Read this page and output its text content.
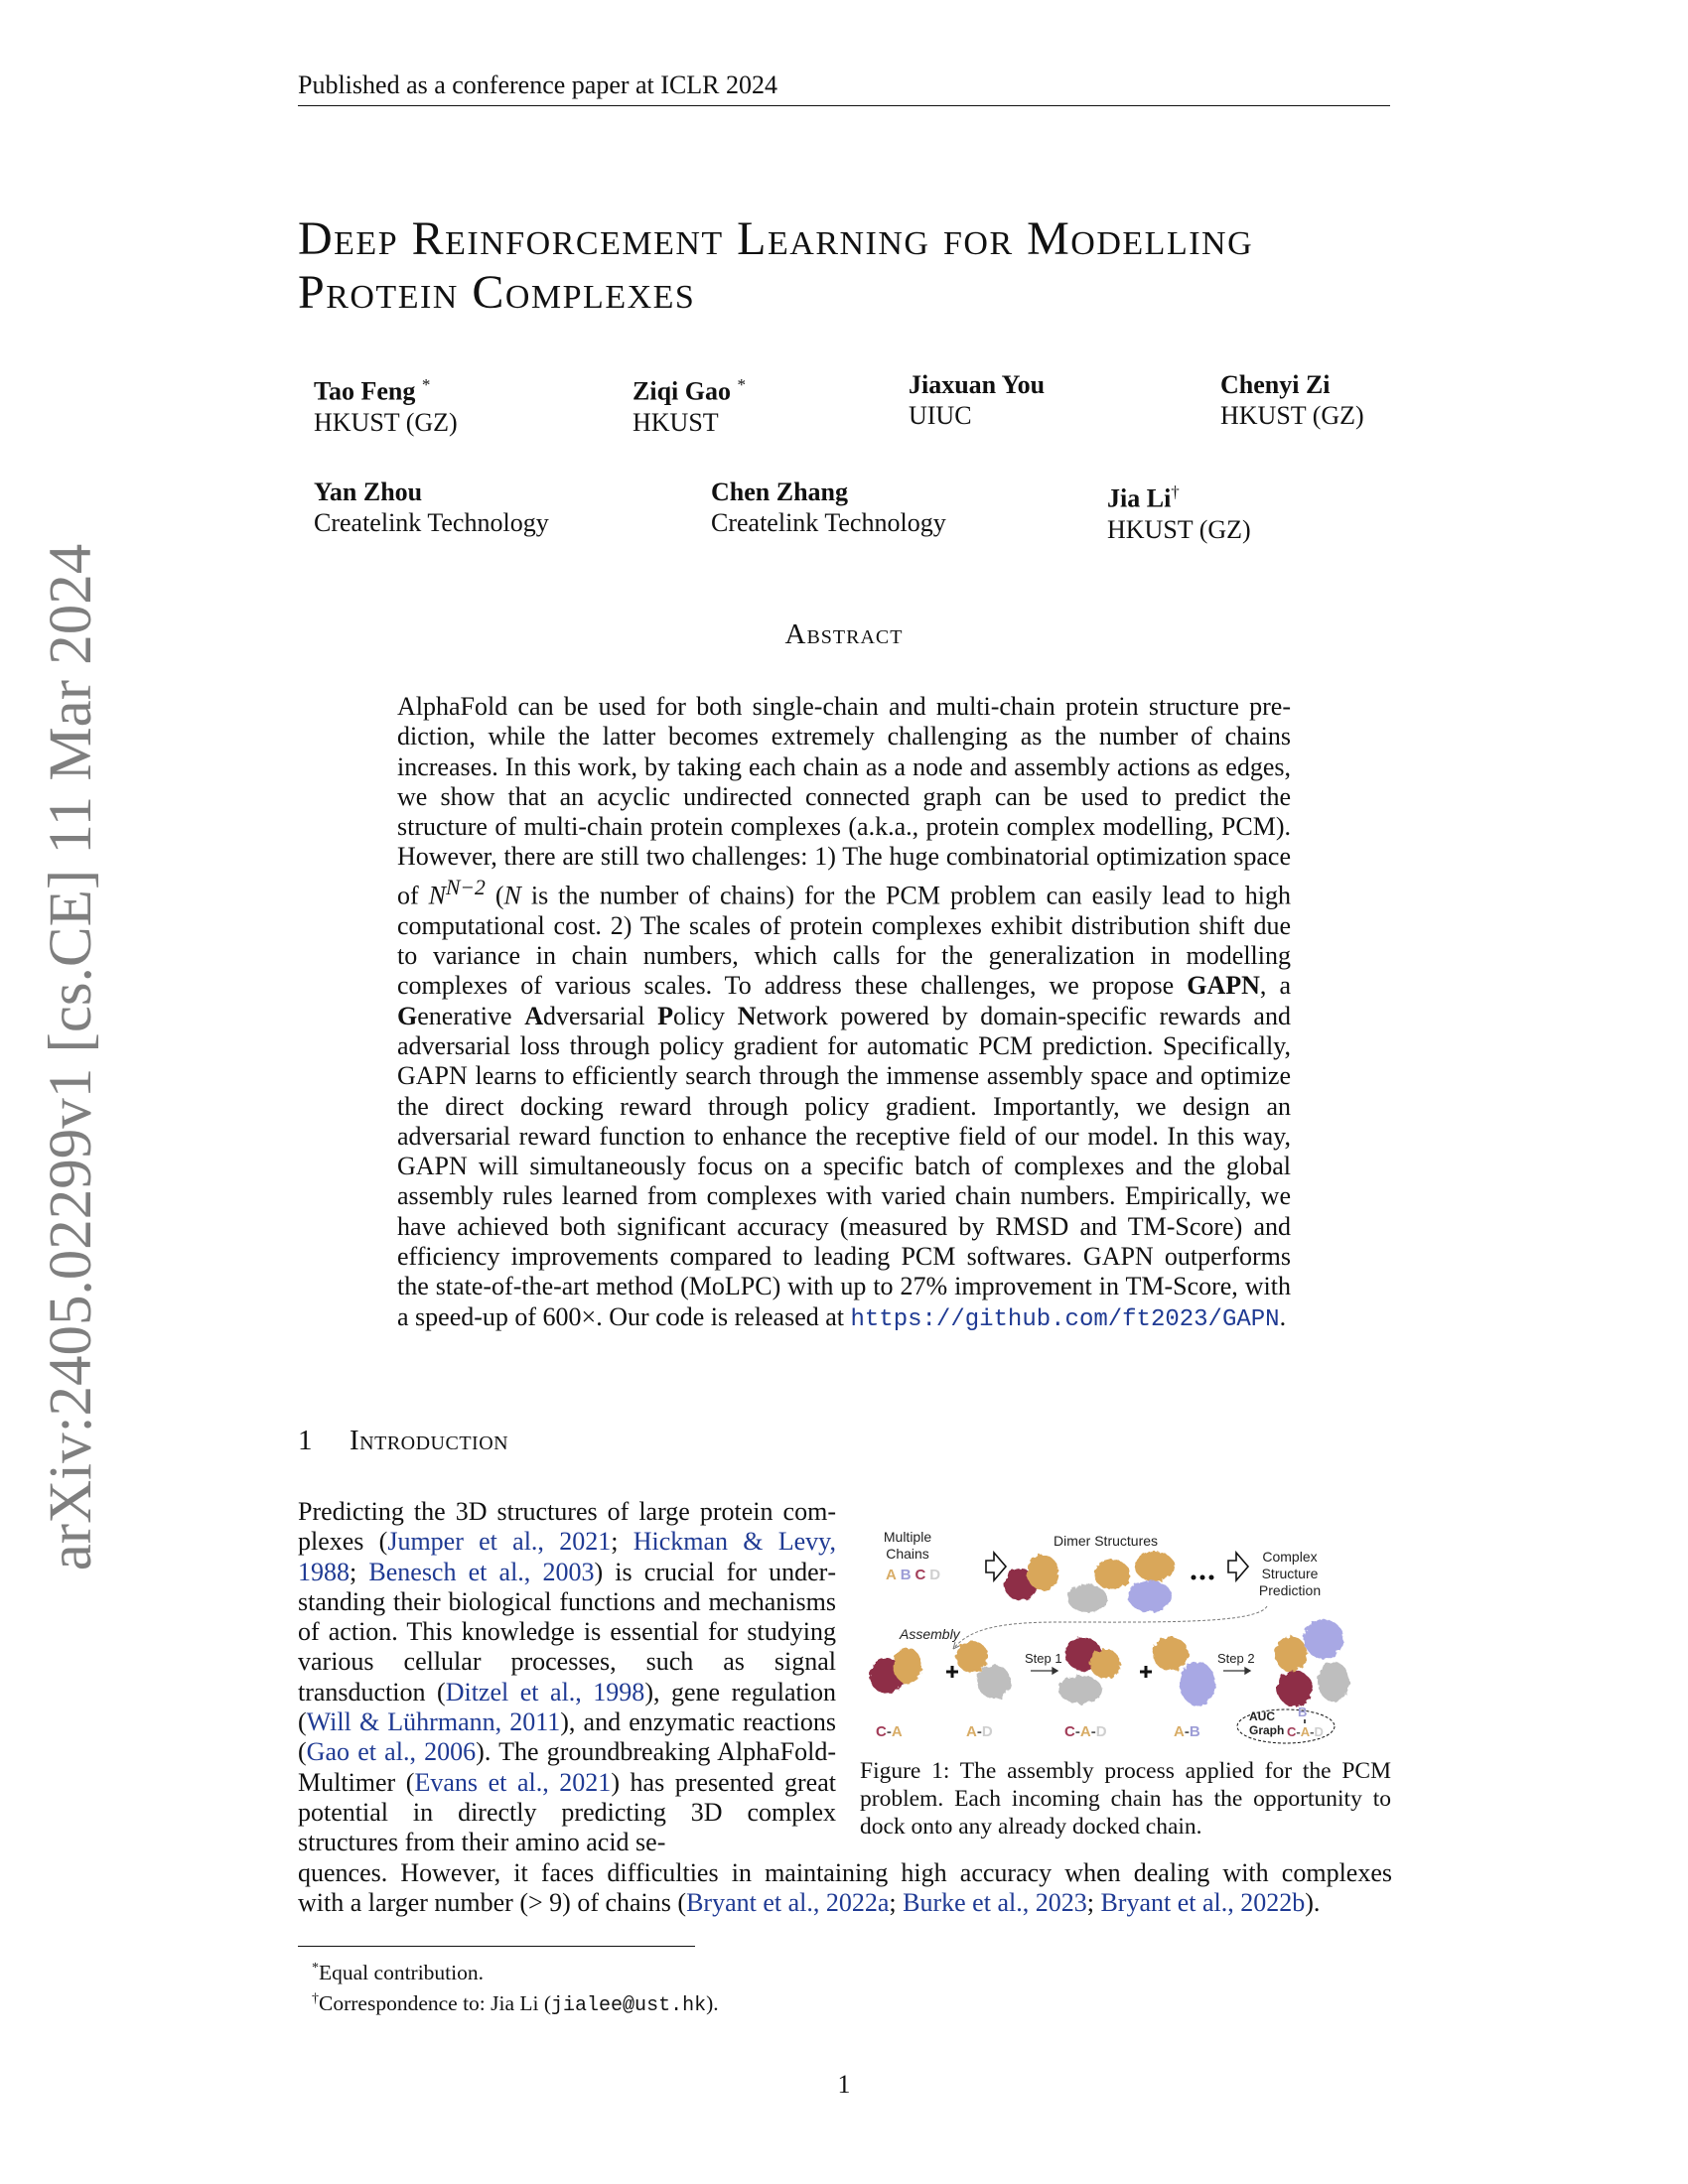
arXiv:2405.02299v1 [cs.CE] 11 Mar 2024
Published as a conference paper at ICLR 2024
Deep Reinforcement Learning for Modelling
Protein Complexes
Tao Feng *
HKUST (GZ)
Ziqi Gao *
HKUST
Jiaxuan You
UIUC
Chenyi Zi
HKUST (GZ)
Yan Zhou
Createlink Technology
Chen Zhang
Createlink Technology
Jia Li†
HKUST (GZ)
Abstract
AlphaFold can be used for both single-chain and multi-chain protein structure prediction, while the latter becomes extremely challenging as the number of chains increases. In this work, by taking each chain as a node and assembly actions as edges, we show that an acyclic undirected connected graph can be used to predict the structure of multi-chain protein complexes (a.k.a., protein complex modelling, PCM). However, there are still two challenges: 1) The huge combinatorial optimization space of $N^{N-2}$ (N is the number of chains) for the PCM problem can easily lead to high computational cost. 2) The scales of protein complexes exhibit distribution shift due to variance in chain numbers, which calls for the generalization in modelling complexes of various scales. To address these challenges, we propose GAPN, a Generative Adversarial Policy Network powered by domain-specific rewards and adversarial loss through policy gradient for automatic PCM prediction. Specifically, GAPN learns to efficiently search through the immense assembly space and optimize the direct docking reward through policy gradient. Importantly, we design an adversarial reward function to enhance the receptive field of our model. In this way, GAPN will simultaneously focus on a specific batch of complexes and the global assembly rules learned from complexes with varied chain numbers. Empirically, we have achieved both significant accuracy (measured by RMSD and TM-Score) and efficiency improvements compared to leading PCM softwares. GAPN outperforms the state-of-the-art method (MoLPC) with up to 27% improvement in TM-Score, with a speed-up of 600×. Our code is released at https://github.com/ft2023/GAPN.
1 Introduction
Predicting the 3D structures of large protein complexes (Jumper et al., 2021; Hickman & Levy, 1988; Benesch et al., 2003) is crucial for understanding their biological functions and mechanisms of action. This knowledge is essential for studying various cellular processes, such as signal transduction (Ditzel et al., 1998), gene regulation (Will & Lührmann, 2011), and enzymatic reactions (Gao et al., 2006). The groundbreaking AlphaFold-Multimer (Evans et al., 2021) has presented great potential in directly predicting 3D complex structures from their amino acid se-
quences. However, it faces difficulties in maintaining high accuracy when dealing with complexes
with a larger number (> 9) of chains (Bryant et al., 2022a; Burke et al., 2023; Bryant et al., 2022b).
Multiple Chains
A B C D
Dimer Structures
Complex Structure Prediction
Assembly
Step 1	Step 2
C-A	A-D	C-A-D	A-B
AUC
Graph
B
C-A-D
Figure 1: The assembly process applied for the PCM problem. Each incoming chain has the opportunity to dock onto any already docked chain.
*Equal contribution.
†Correspondence to: Jia Li (jialee@ust.hk).
1
